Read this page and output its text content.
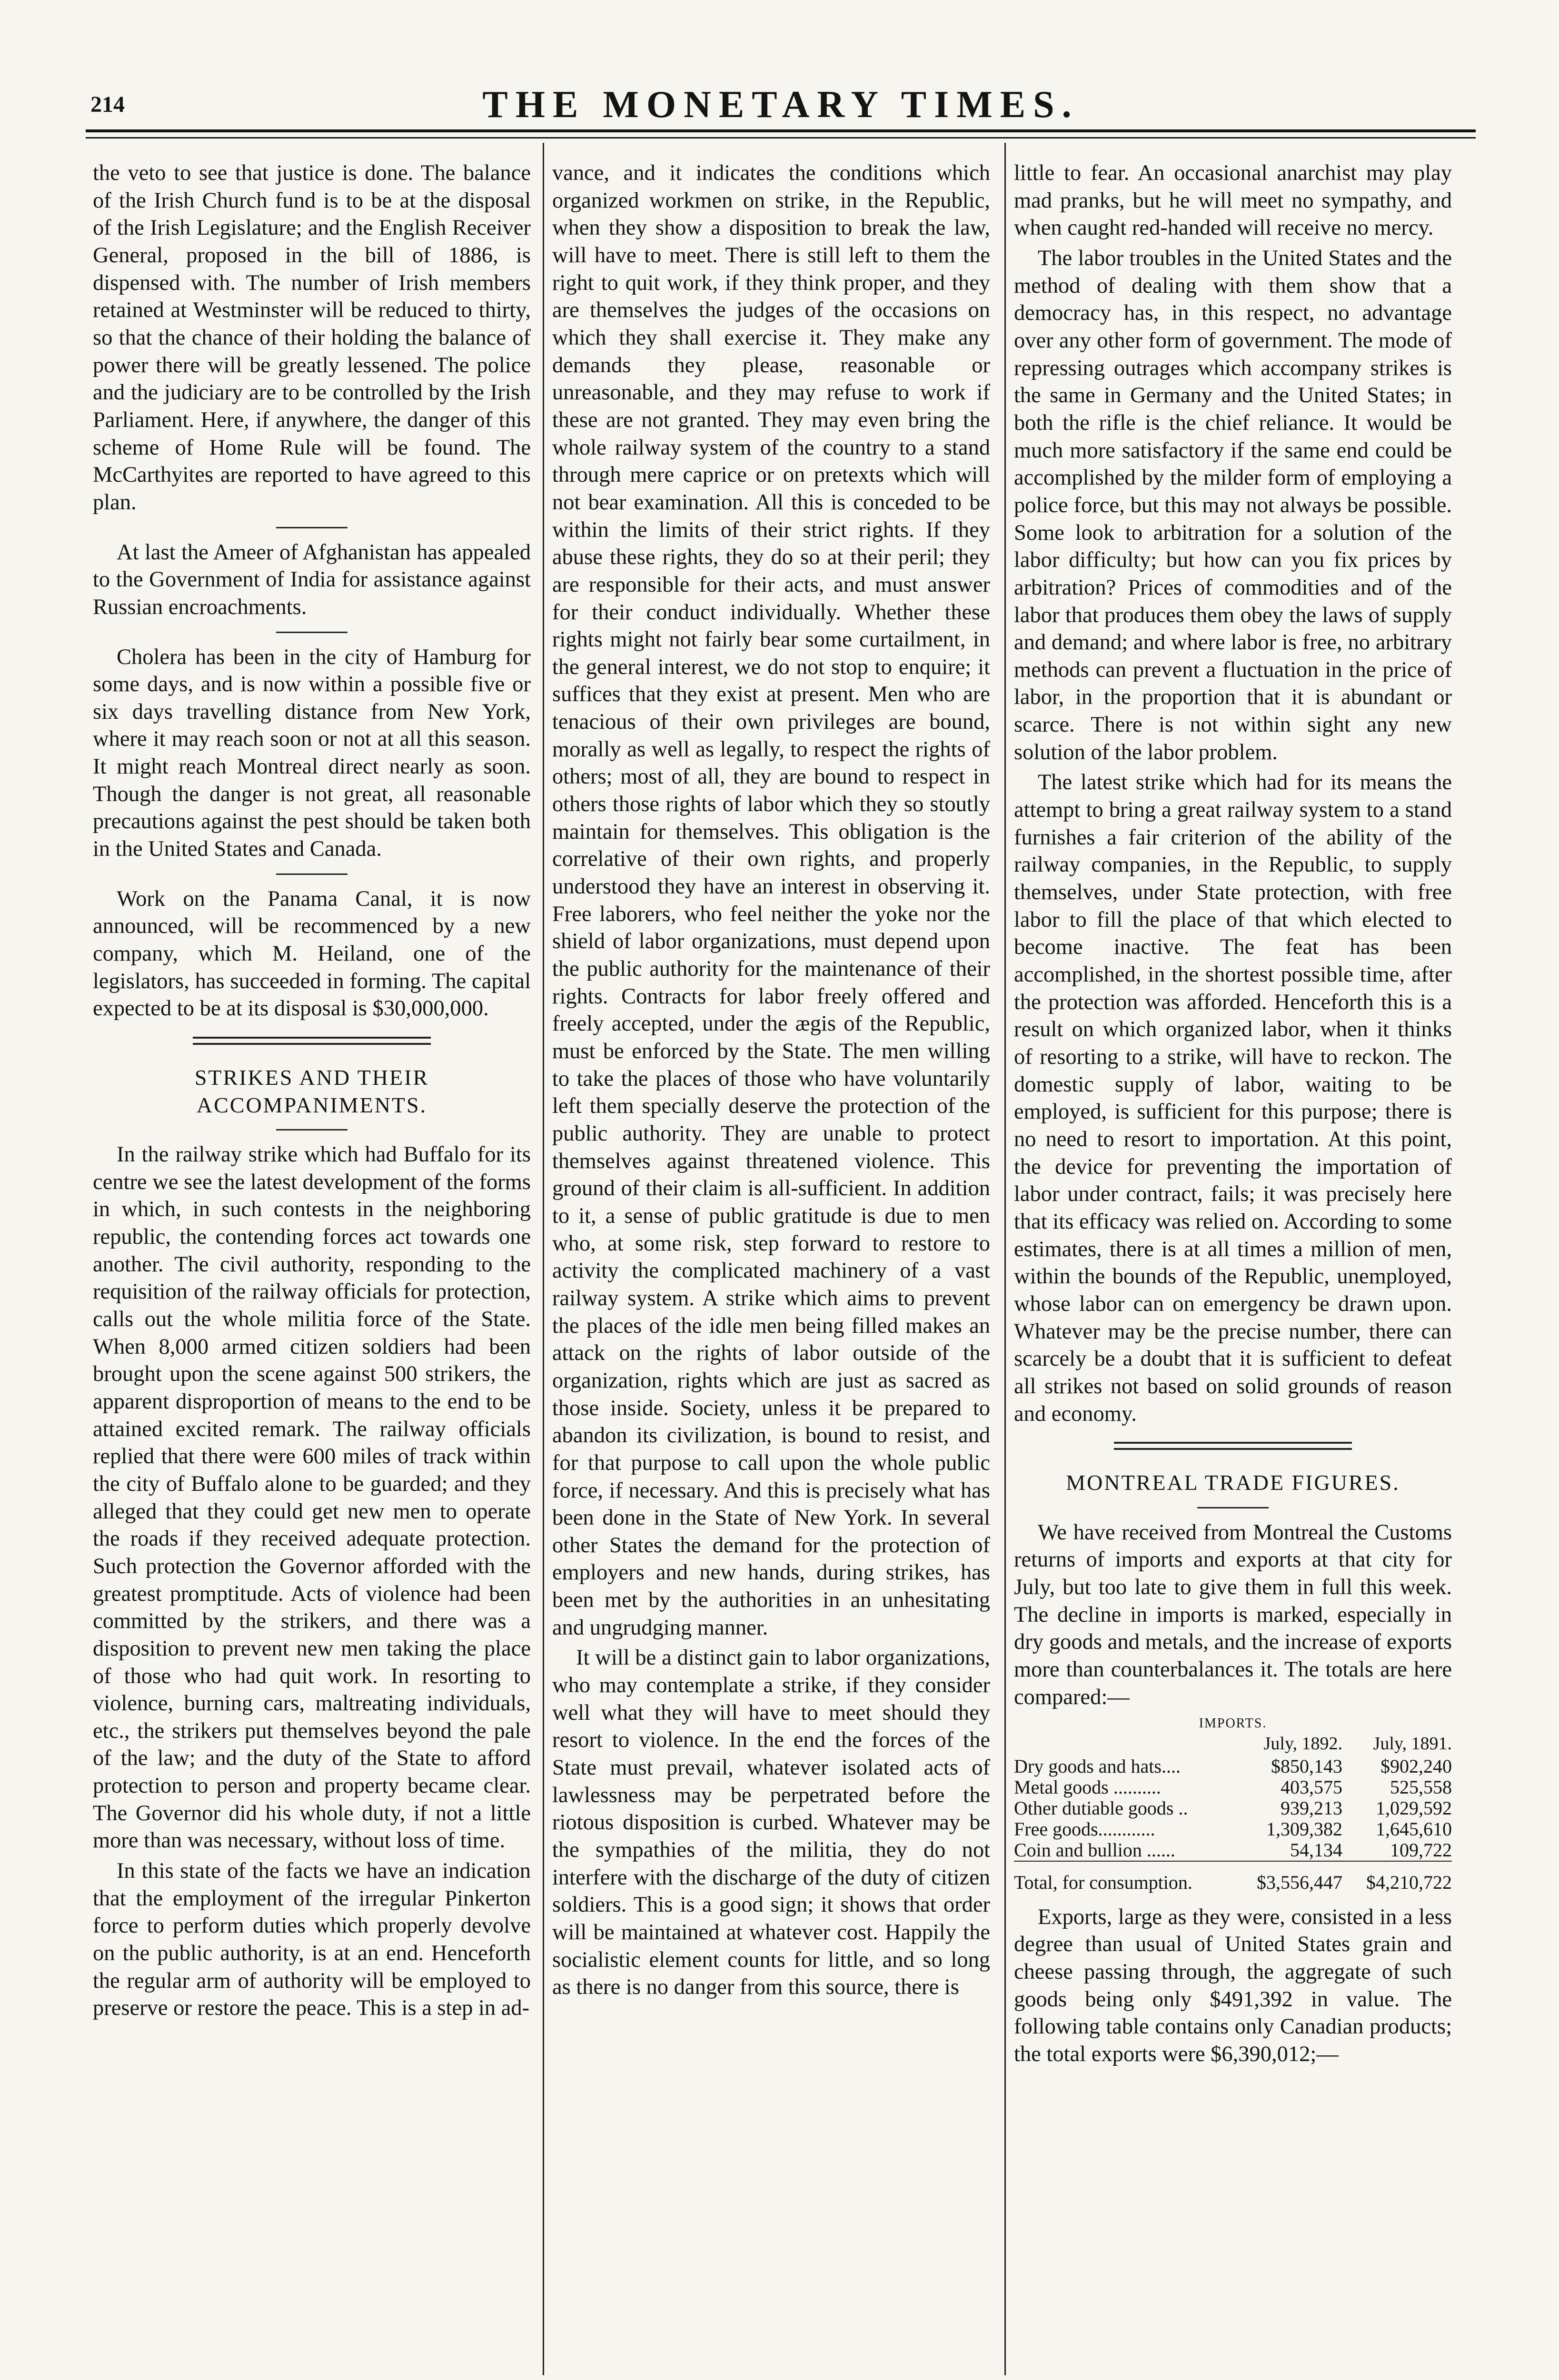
214	THE MONETARY TIMES.

the veto to see that justice is done. The balance of the Irish Church fund is to be at the disposal of the Irish Legislature; and the English Receiver General, proposed in the bill of 1886, is dispensed with. The number of Irish members retained at Westminster will be reduced to thirty, so that the chance of their holding the balance of power there will be greatly lessened. The police and the judiciary are to be controlled by the Irish Parliament. Here, if anywhere, the danger of this scheme of Home Rule will be found. The McCarthyites are reported to have agreed to this plan.

At last the Ameer of Afghanistan has appealed to the Government of India for assistance against Russian encroachments.

Cholera has been in the city of Hamburg for some days, and is now within a possible five or six days travelling distance from New York, where it may reach soon or not at all this season. It might reach Montreal direct nearly as soon. Though the danger is not great, all reasonable precautions against the pest should be taken both in the United States and Canada.

Work on the Panama Canal, it is now announced, will be recommenced by a new company, which M. Heiland, one of the legislators, has succeeded in forming. The capital expected to be at its disposal is $30,000,000.

STRIKES AND THEIR ACCOMPANIMENTS.

In the railway strike which had Buffalo for its centre we see the latest development of the forms in which, in such contests in the neighboring republic, the contending forces act towards one another. The civil authority, responding to the requisition of the railway officials for protection, calls out the whole militia force of the State. When 8,000 armed citizen soldiers had been brought upon the scene against 500 strikers, the apparent disproportion of means to the end to be attained excited remark. The railway officials replied that there were 600 miles of track within the city of Buffalo alone to be guarded; and they alleged that they could get new men to operate the roads if they received adequate protection. Such protection the Governor afforded with the greatest promptitude. Acts of violence had been committed by the strikers, and there was a disposition to prevent new men taking the place of those who had quit work. In resorting to violence, burning cars, maltreating individuals, etc., the strikers put themselves beyond the pale of the law; and the duty of the State to afford protection to person and property became clear. The Governor did his whole duty, if not a little more than was necessary, without loss of time.

In this state of the facts we have an indication that the employment of the irregular Pinkerton force to perform duties which properly devolve on the public authority, is at an end. Henceforth the regular arm of authority will be employed to preserve or restore the peace. This is a step in ad-

vance, and it indicates the conditions which organized workmen on strike, in the Republic, when they show a disposition to break the law, will have to meet. There is still left to them the right to quit work, if they think proper, and they are themselves the judges of the occasions on which they shall exercise it. They make any demands they please, reasonable or unreasonable, and they may refuse to work if these are not granted. They may even bring the whole railway system of the country to a stand through mere caprice or on pretexts which will not bear examination. All this is conceded to be within the limits of their strict rights. If they abuse these rights, they do so at their peril; they are responsible for their acts, and must answer for their conduct individually. Whether these rights might not fairly bear some curtailment, in the general interest, we do not stop to enquire; it suffices that they exist at present. Men who are tenacious of their own privileges are bound, morally as well as legally, to respect the rights of others; most of all, they are bound to respect in others those rights of labor which they so stoutly maintain for themselves. This obligation is the correlative of their own rights, and properly understood they have an interest in observing it. Free laborers, who feel neither the yoke nor the shield of labor organizations, must depend upon the public authority for the maintenance of their rights. Contracts for labor freely offered and freely accepted, under the ægis of the Republic, must be enforced by the State. The men willing to take the places of those who have voluntarily left them specially deserve the protection of the public authority. They are unable to protect themselves against threatened violence. This ground of their claim is all-sufficient. In addition to it, a sense of public gratitude is due to men who, at some risk, step forward to restore to activity the complicated machinery of a vast railway system. A strike which aims to prevent the places of the idle men being filled makes an attack on the rights of labor outside of the organization, rights which are just as sacred as those inside. Society, unless it be prepared to abandon its civilization, is bound to resist, and for that purpose to call upon the whole public force, if necessary. And this is precisely what has been done in the State of New York. In several other States the demand for the protection of employers and new hands, during strikes, has been met by the authorities in an unhesitating and ungrudging manner.

It will be a distinct gain to labor organizations, who may contemplate a strike, if they consider well what they will have to meet should they resort to violence. In the end the forces of the State must prevail, whatever isolated acts of lawlessness may be perpetrated before the riotous disposition is curbed. Whatever may be the sympathies of the militia, they do not interfere with the discharge of the duty of citizen soldiers. This is a good sign; it shows that order will be maintained at whatever cost. Happily the socialistic element counts for little, and so long as there is no danger from this source, there is

little to fear. An occasional anarchist may play mad pranks, but he will meet no sympathy, and when caught red-handed will receive no mercy.

The labor troubles in the United States and the method of dealing with them show that a democracy has, in this respect, no advantage over any other form of government. The mode of repressing outrages which accompany strikes is the same in Germany and the United States; in both the rifle is the chief reliance. It would be much more satisfactory if the same end could be accomplished by the milder form of employing a police force, but this may not always be possible. Some look to arbitration for a solution of the labor difficulty; but how can you fix prices by arbitration? Prices of commodities and of the labor that produces them obey the laws of supply and demand; and where labor is free, no arbitrary methods can prevent a fluctuation in the price of labor, in the proportion that it is abundant or scarce. There is not within sight any new solution of the labor problem.

The latest strike which had for its means the attempt to bring a great railway system to a stand furnishes a fair criterion of the ability of the railway companies, in the Republic, to supply themselves, under State protection, with free labor to fill the place of that which elected to become inactive. The feat has been accomplished, in the shortest possible time, after the protection was afforded. Henceforth this is a result on which organized labor, when it thinks of resorting to a strike, will have to reckon. The domestic supply of labor, waiting to be employed, is sufficient for this purpose; there is no need to resort to importation. At this point, the device for preventing the importation of labor under contract, fails; it was precisely here that its efficacy was relied on. According to some estimates, there is at all times a million of men, within the bounds of the Republic, unemployed, whose labor can on emergency be drawn upon. Whatever may be the precise number, there can scarcely be a doubt that it is sufficient to defeat all strikes not based on solid grounds of reason and economy.

MONTREAL TRADE FIGURES.

We have received from Montreal the Customs returns of imports and exports at that city for July, but too late to give them in full this week. The decline in imports is marked, especially in dry goods and metals, and the increase of exports more than counterbalances it. The totals are here compared:—

IMPORTS.
	July, 1892.	July, 1891.
Dry goods and hats....	$850,143	$902,240
Metal goods ..........	403,575	525,558
Other dutiable goods ..	939,213	1,029,592
Free goods............	1,309,382	1,645,610
Coin and bullion ......	54,134	109,722
Total, for consumption.	$3,556,447	$4,210,722

Exports, large as they were, consisted in a less degree than usual of United States grain and cheese passing through, the aggregate of such goods being only $491,392 in value. The following table contains only Canadian products; the total exports were $6,390,012;—
